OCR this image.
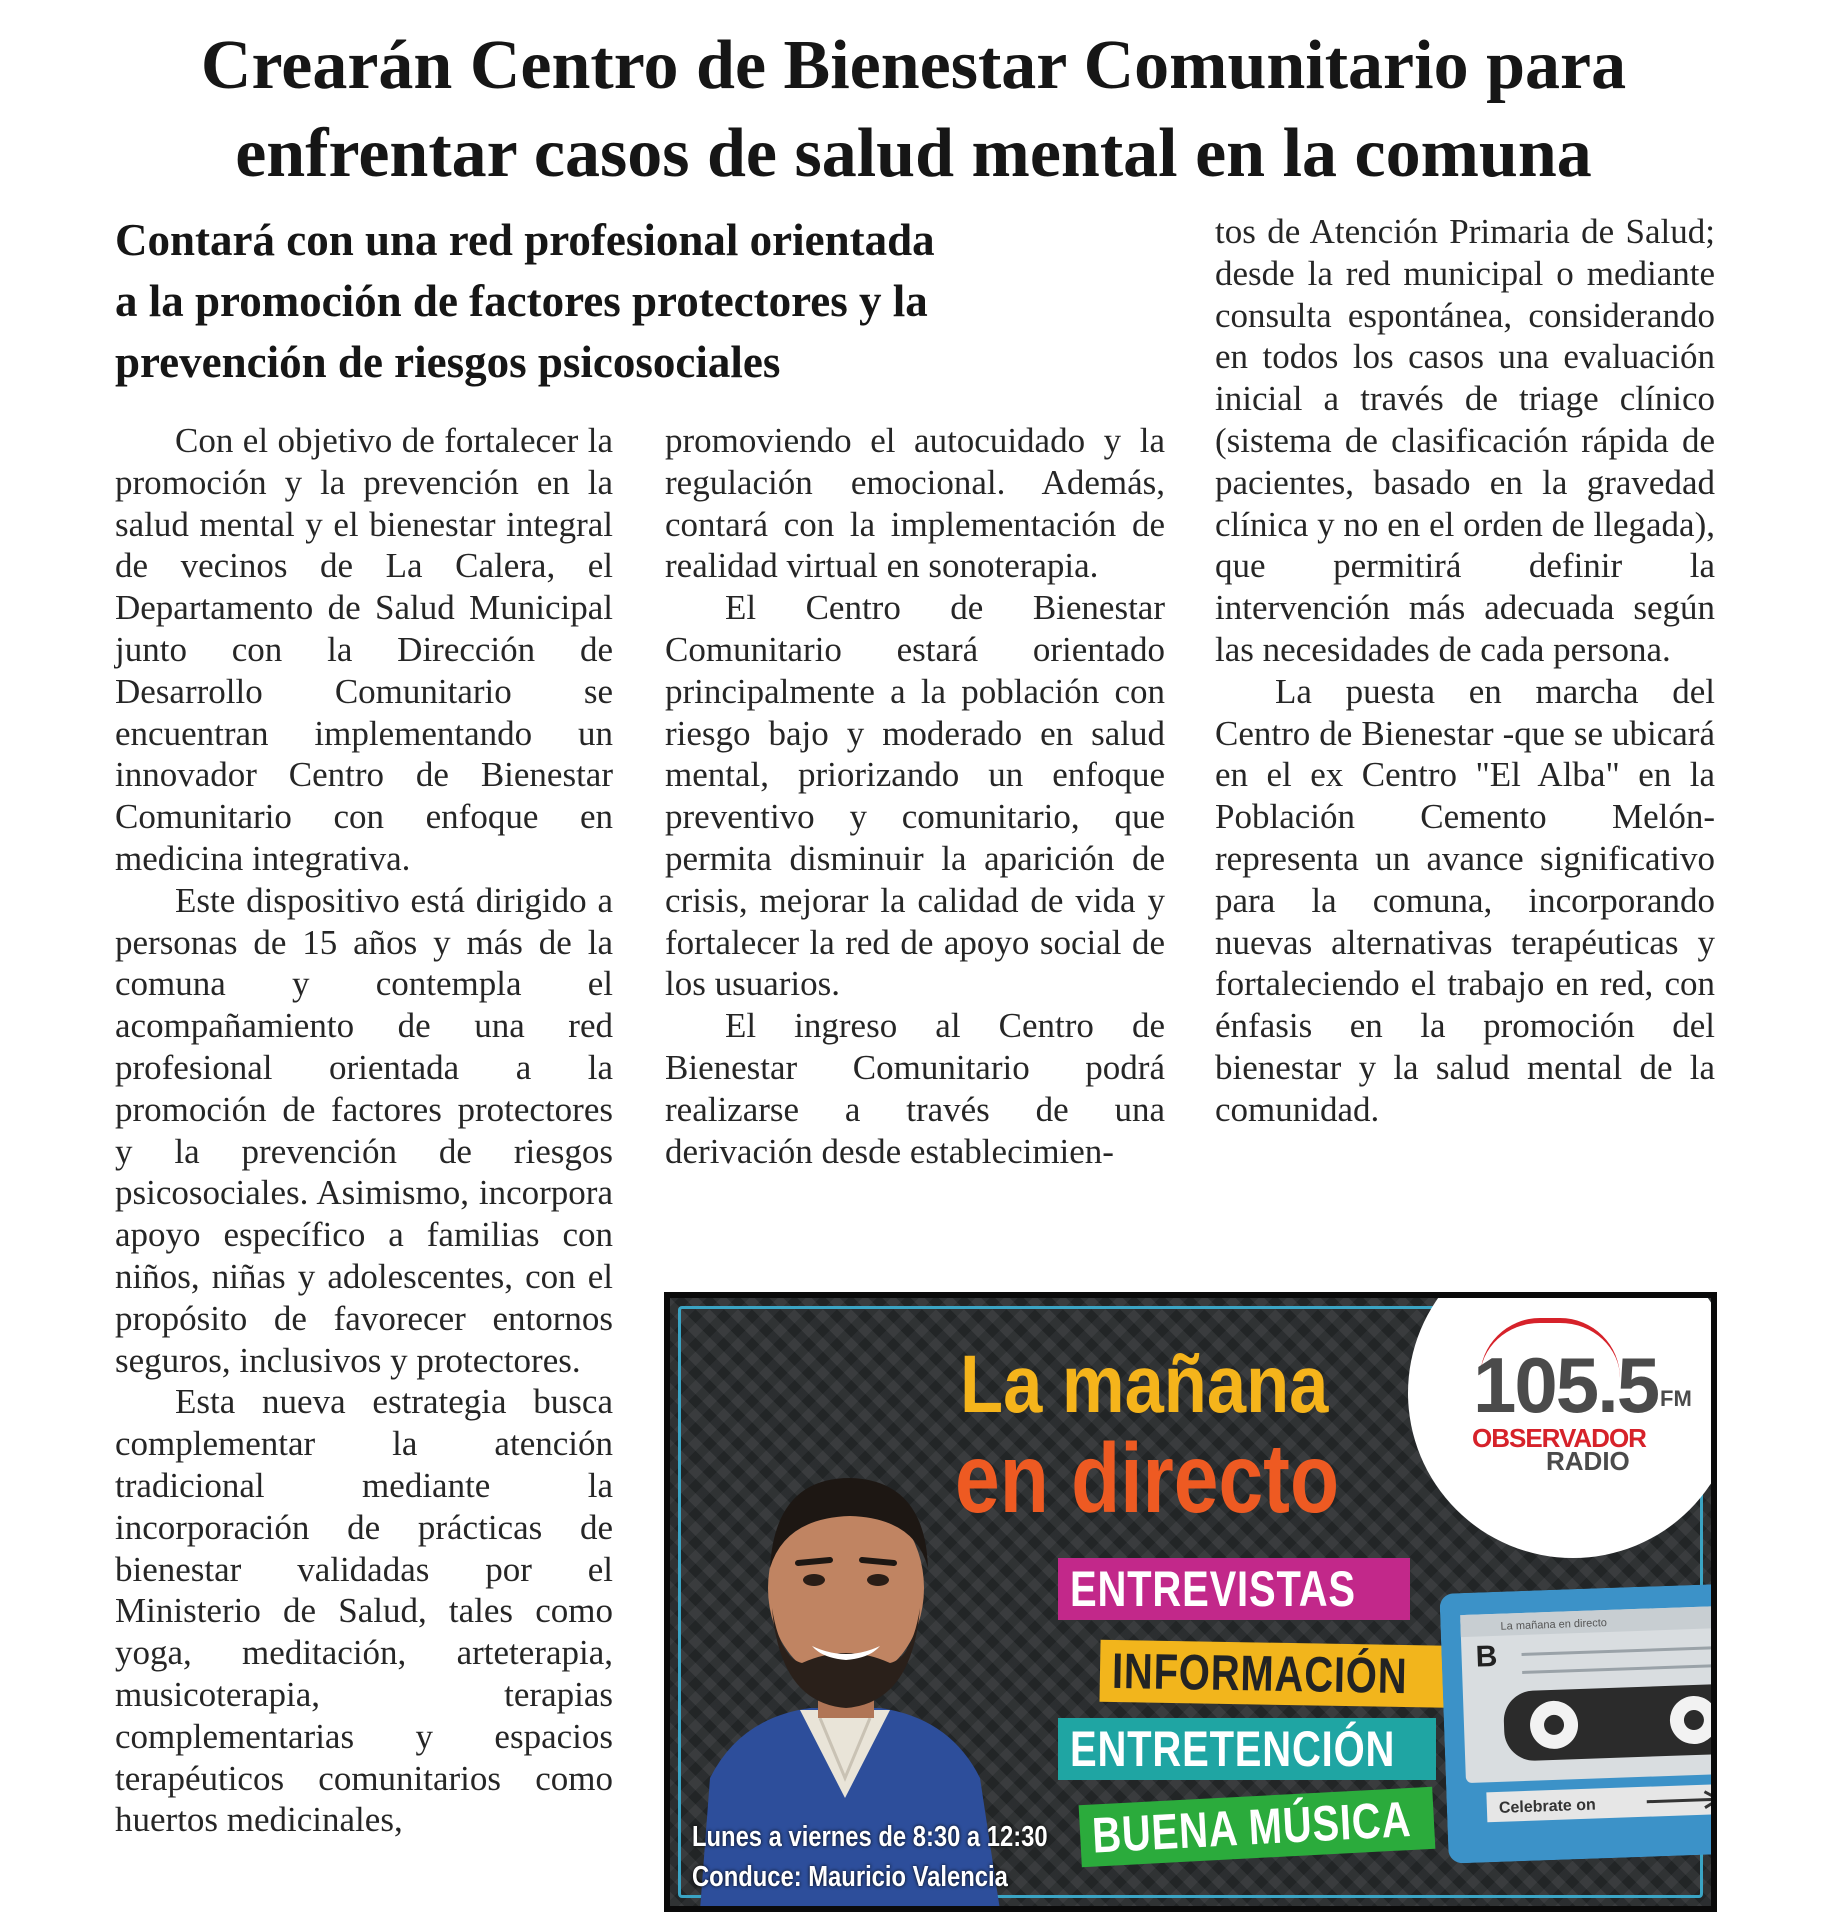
Crearán Centro de Bienestar Comunitario para
enfrentar casos de salud mental en la comuna
Contará con una red profesional orientada
a la promoción de factores protectores y la
prevención de riesgos psicosociales

Con el objetivo de fortalecer la promoción y la prevención en la salud mental y el bienestar integral de vecinos de La Calera, el Departamento de Salud Municipal junto con la Dirección de Desarrollo Comunitario se encuentran implementando un innovador Centro de Bienestar Comunitario con enfoque en medicina integrativa.

Este dispositivo está dirigido a personas de 15 años y más de la comuna y contempla el acompañamiento de una red profesional orientada a la promoción de factores protectores y la prevención de riesgos psicosociales. Asimismo, incorpora apoyo específico a familias con niños, niñas y adolescentes, con el propósito de favorecer entornos seguros, inclusivos y protectores.

Esta nueva estrategia busca complementar la atención tradicional mediante la incorporación de prácticas de bienestar validadas por el Ministerio de Salud, tales como yoga, meditación, arteterapia, musicoterapia, terapias complementarias y espacios terapéuticos comunitarios como huertos medicinales,

promoviendo el autocuidado y la regulación emocional. Además, contará con la implementación de realidad virtual en sonoterapia.

El Centro de Bienestar Comunitario estará orientado principalmente a la población con riesgo bajo y moderado en salud mental, priorizando un enfoque preventivo y comunitario, que permita disminuir la aparición de crisis, mejorar la calidad de vida y fortalecer la red de apoyo social de los usuarios.

El ingreso al Centro de Bienestar Comunitario podrá realizarse a través de una derivación desde establecimien-

tos de Atención Primaria de Salud; desde la red municipal o mediante consulta espontánea, considerando en todos los casos una evaluación inicial a través de triage clínico (sistema de clasificación rápida de pacientes, basado en la gravedad clínica y no en el orden de llegada), que permitirá definir la intervención más adecuada según las necesidades de cada persona.

La puesta en marcha del Centro de Bienestar -que se ubicará en el ex Centro "El Alba" en la Población Cemento Melón- representa un avance significativo para la comuna, incorporando nuevas alternativas terapéuticas y fortaleciendo el trabajo en red, con énfasis en la promoción del bienestar y la salud mental de la comunidad.

105.5 FM
OBSERVADOR
RADIO
La mañana
en directo
ENTREVISTAS
INFORMACIÓN
ENTRETENCIÓN
BUENA MÚSICA
La mañana en directo
B
Celebrate on
Lunes a viernes de 8:30 a 12:30
Conduce: Mauricio Valencia
